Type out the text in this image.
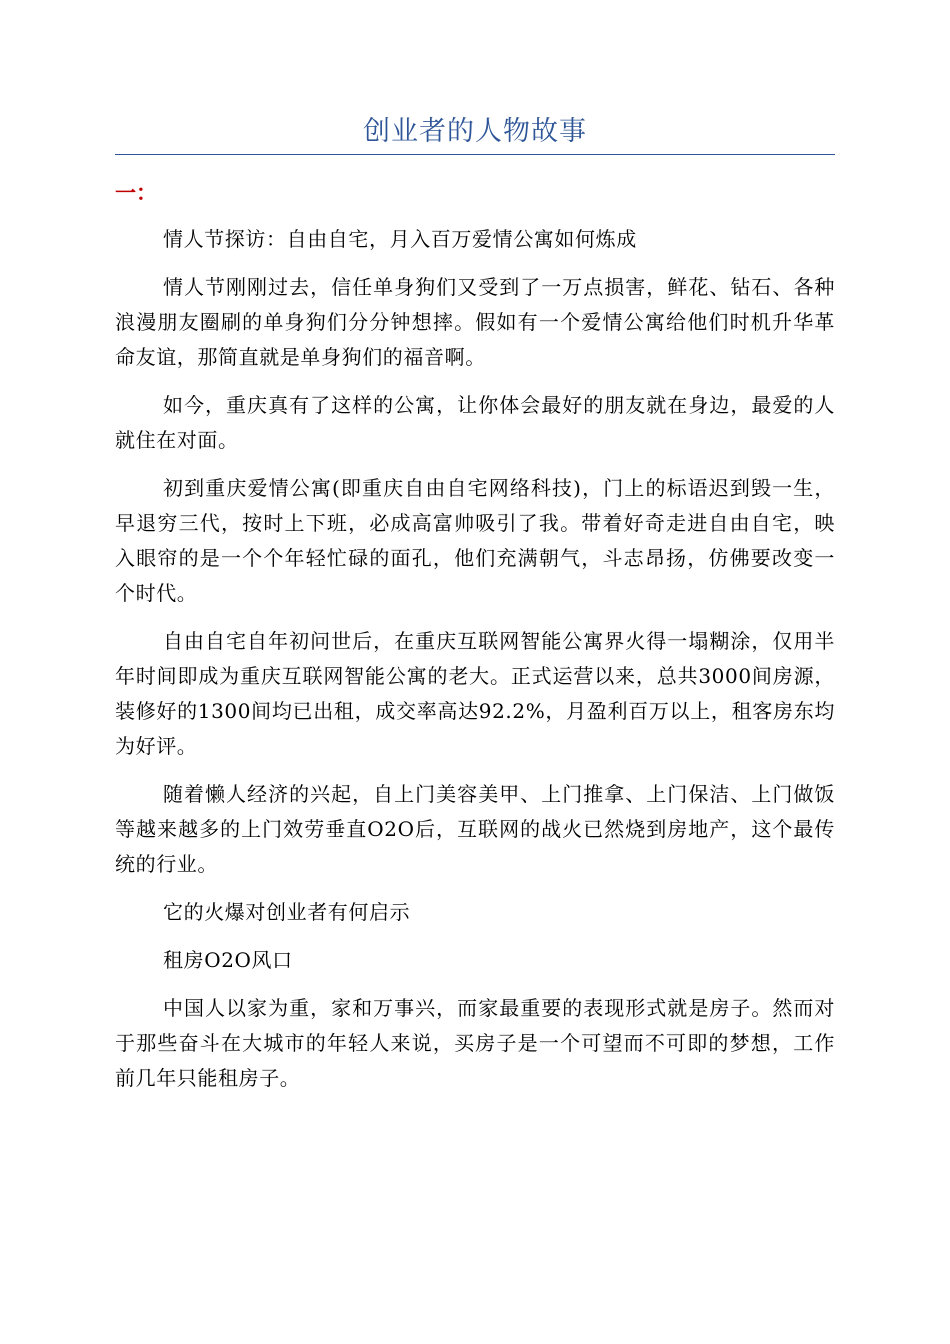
创业者的人物故事
一：

情人节探访：自由自宅，月入百万爱情公寓如何炼成

情人节刚刚过去，信任单身狗们又受到了一万点损害，鲜花、钻石、各种浪漫朋友圈刷的单身狗们分分钟想摔。假如有一个爱情公寓给他们时机升华革命友谊，那简直就是单身狗们的福音啊。

如今，重庆真有了这样的公寓，让你体会最好的朋友就在身边，最爱的人就住在对面。

初到重庆爱情公寓(即重庆自由自宅网络科技)，门上的标语迟到毁一生，早退穷三代，按时上下班，必成高富帅吸引了我。带着好奇走进自由自宅，映入眼帘的是一个个年轻忙碌的面孔，他们充满朝气，斗志昂扬，仿佛要改变一个时代。

自由自宅自年初问世后，在重庆互联网智能公寓界火得一塌糊涂，仅用半年时间即成为重庆互联网智能公寓的老大。正式运营以来，总共3000间房源，装修好的1300间均已出租，成交率高达92.2%，月盈利百万以上，租客房东均为好评。

随着懒人经济的兴起，自上门美容美甲、上门推拿、上门保洁、上门做饭等越来越多的上门效劳垂直O2O后，互联网的战火已然烧到房地产，这个最传统的行业。

它的火爆对创业者有何启示

租房O2O风口

中国人以家为重，家和万事兴，而家最重要的表现形式就是房子。然而对于那些奋斗在大城市的年轻人来说，买房子是一个可望而不可即的梦想，工作前几年只能租房子。
